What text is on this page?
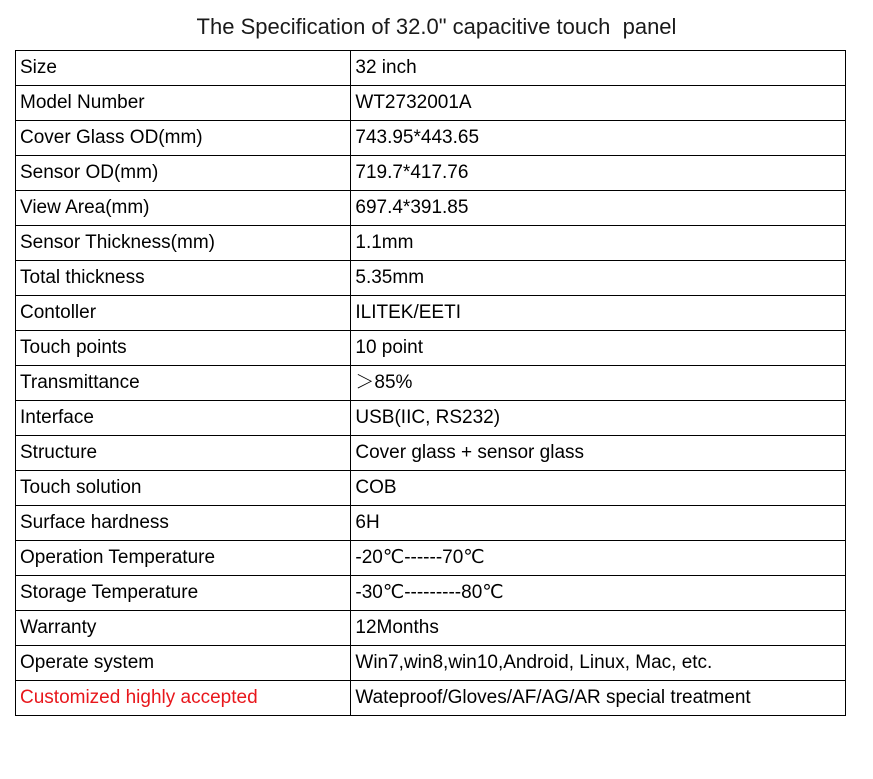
The Specification of 32.0" capacitive touch  panel
Size	32 inch
Model Number	WT2732001A
Cover Glass OD(mm)	743.95*443.65
Sensor OD(mm)	719.7*417.76
View Area(mm)	697.4*391.85
Sensor Thickness(mm)	1.1mm
Total thickness	5.35mm
Contoller	ILITEK/EETI
Touch points	10 point
Transmittance	＞85%
Interface	USB(IIC, RS232)
Structure	Cover glass + sensor glass
Touch solution	COB
Surface hardness	6H
Operation Temperature	-20℃------70℃
Storage Temperature	-30℃---------80℃
Warranty	12Months
Operate system	Win7,win8,win10,Android, Linux, Mac, etc.
Customized highly accepted	Wateproof/Gloves/AF/AG/AR special treatment
